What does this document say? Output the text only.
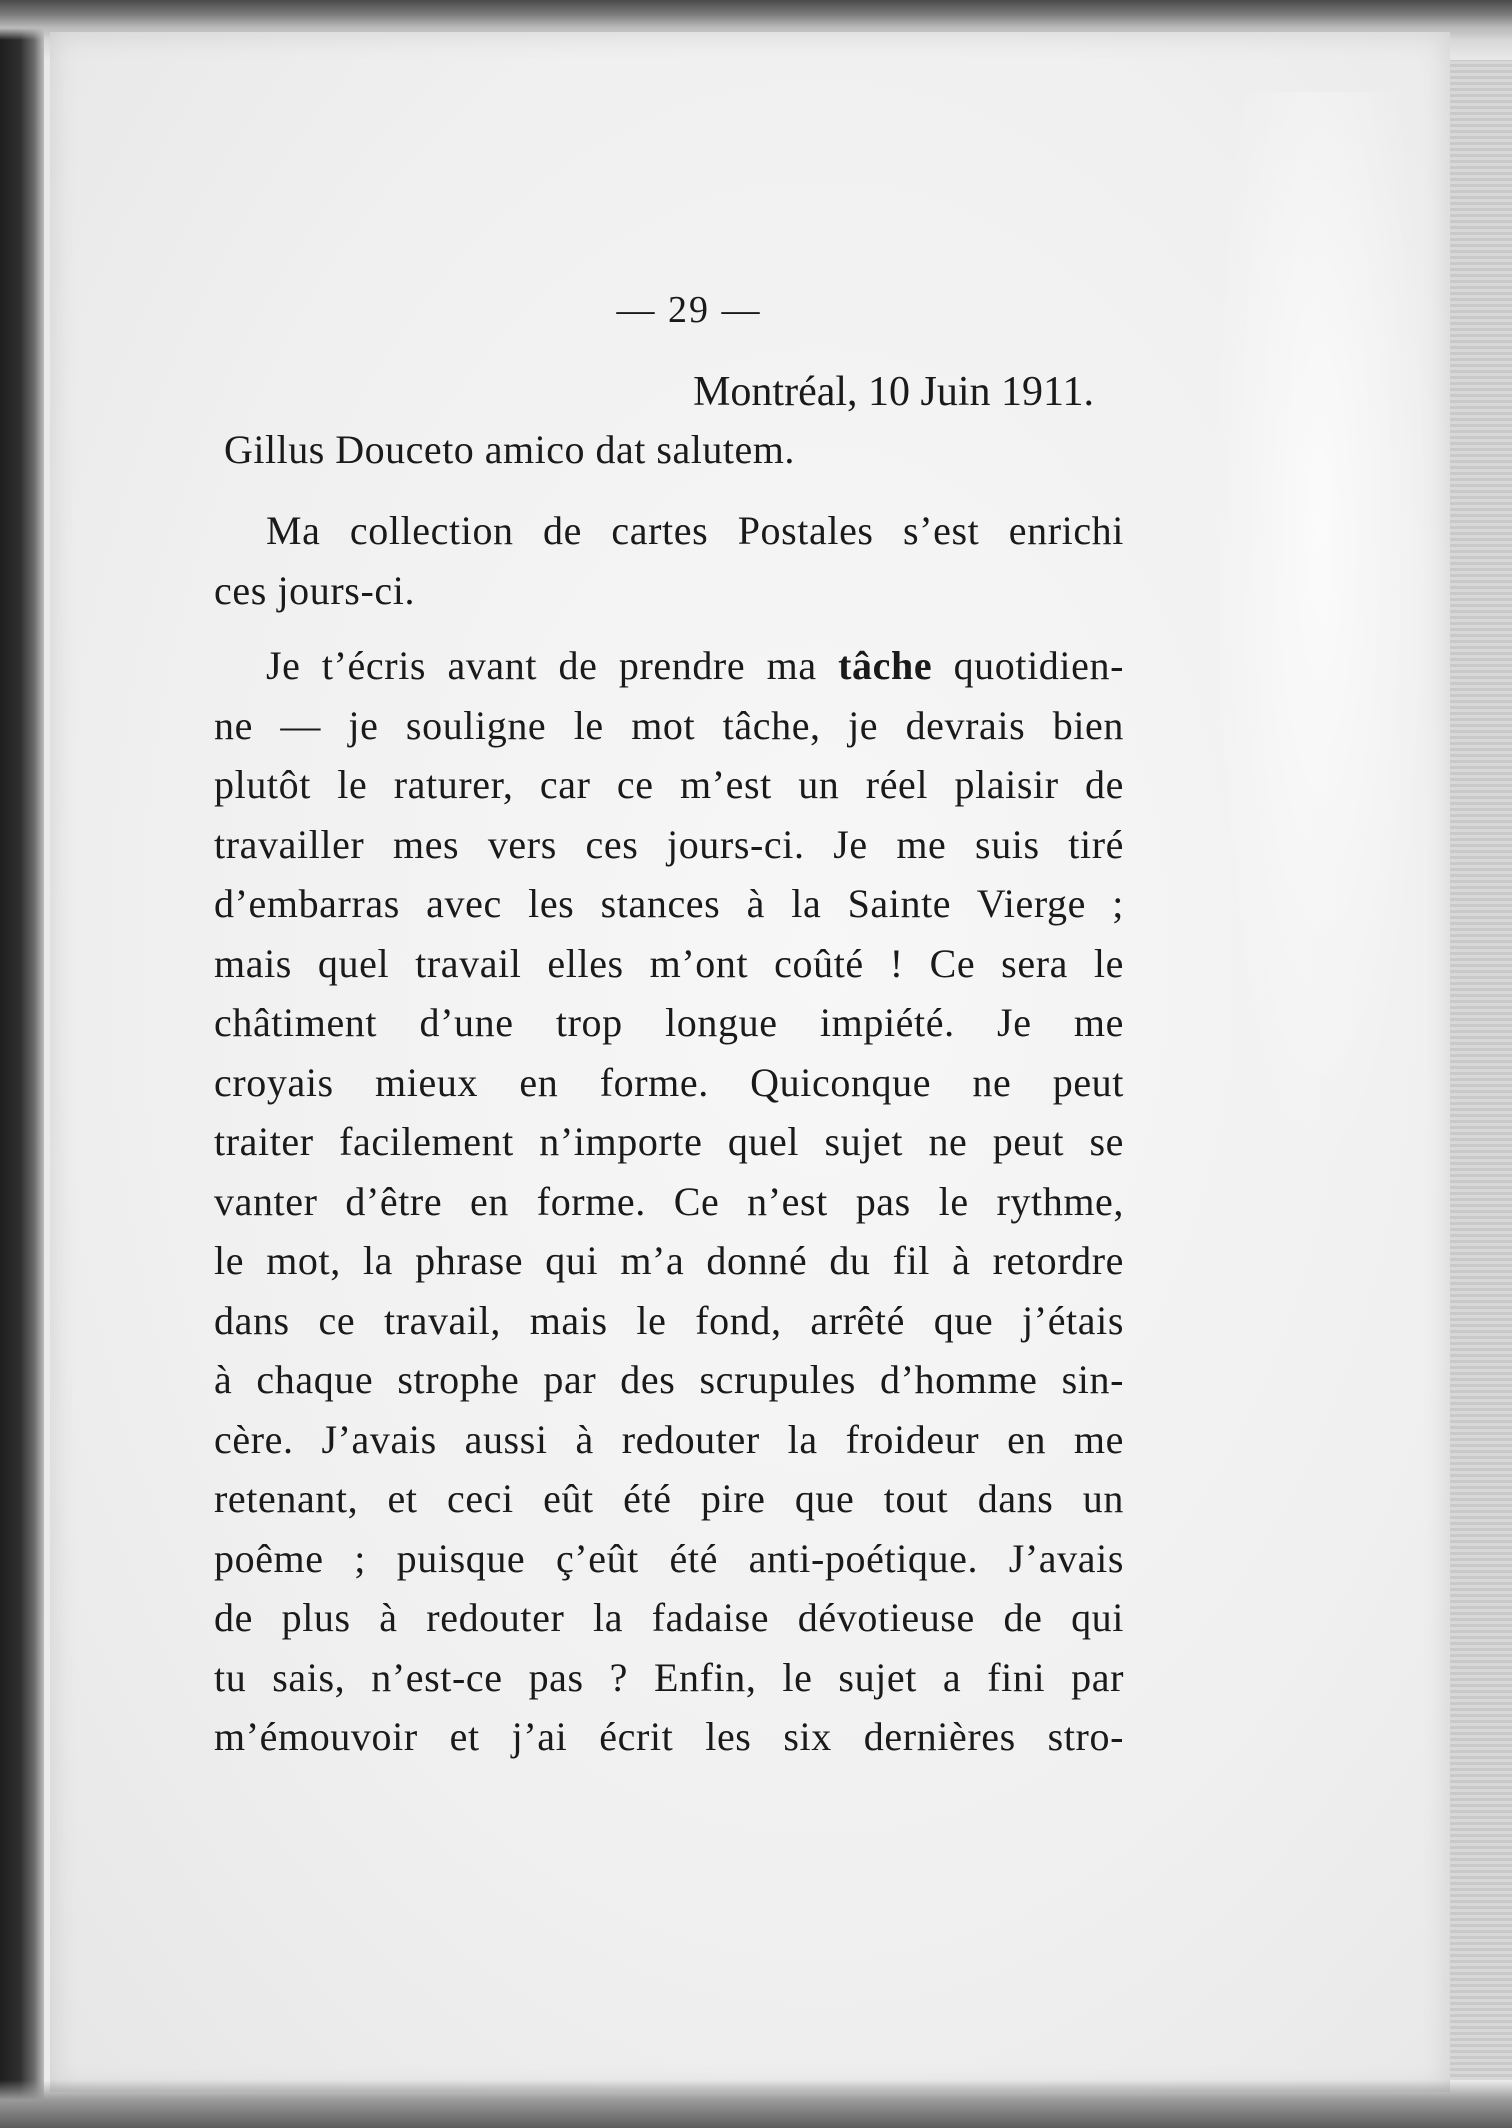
— 29 —
Montréal, 10 Juin 1911.
Gillus Douceto amico dat salutem.
Ma collection de cartes Postales s’est enrichi
ces jours-ci.
Je t’écris avant de prendre ma tâche quotidien-
ne — je souligne le mot tâche, je devrais bien
plutôt le raturer, car ce m’est un réel plaisir de
travailler mes vers ces jours-ci. Je me suis tiré
d’embarras avec les stances à la Sainte Vierge ;
mais quel travail elles m’ont coûté ! Ce sera le
châtiment d’une trop longue impiété. Je me
croyais mieux en forme. Quiconque ne peut
traiter facilement n’importe quel sujet ne peut se
vanter d’être en forme. Ce n’est pas le rythme,
le mot, la phrase qui m’a donné du fil à retordre
dans ce travail, mais le fond, arrêté que j’étais
à chaque strophe par des scrupules d’homme sin-
cère. J’avais aussi à redouter la froideur en me
retenant, et ceci eût été pire que tout dans un
poême ; puisque ç’eût été anti-poétique. J’avais
de plus à redouter la fadaise dévotieuse de qui
tu sais, n’est-ce pas ? Enfin, le sujet a fini par
m’émouvoir et j’ai écrit les six dernières stro-
